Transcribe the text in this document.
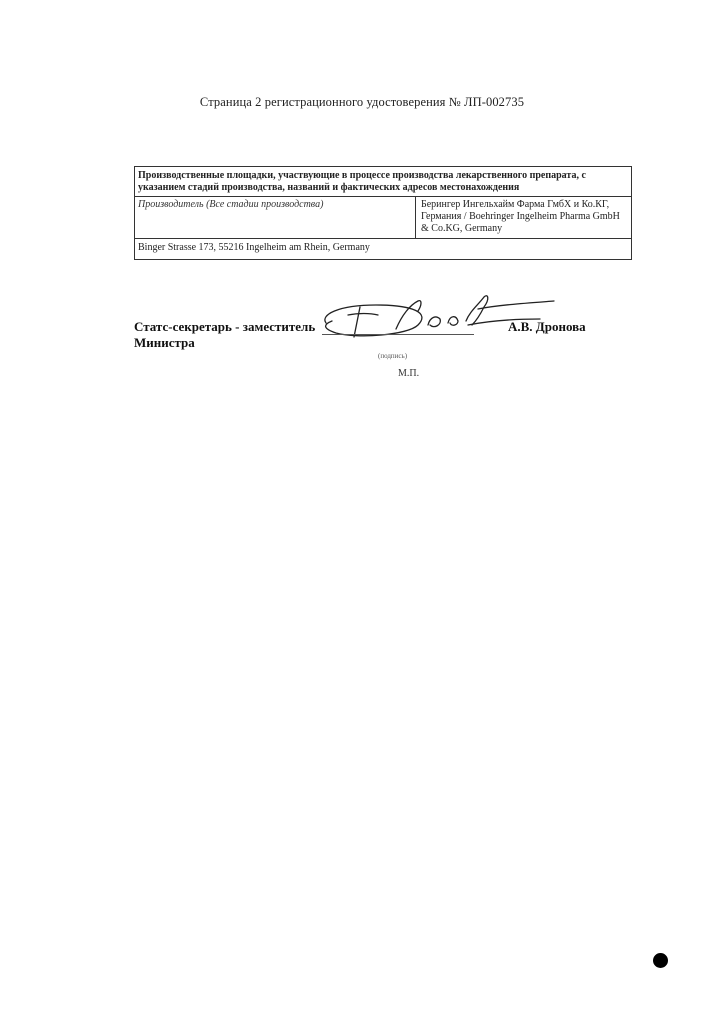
Страница 2 регистрационного удостоверения № ЛП-002735
Производственные площадки, участвующие в процессе производства лекарственного препарата, с указанием стадий производства, названий и фактических адресов местонахождения
Производитель (Все стадии производства)	Берингер Ингельхайм Фарма ГмбХ и Ко.КГ, Германия / Boehringer Ingelheim Pharma GmbH & Co.KG, Germany
Binger Strasse 173, 55216 Ingelheim am Rhein, Germany
Статс-секретарь - заместитель Министра
А.В. Дронова
(подпись)
М.П.
